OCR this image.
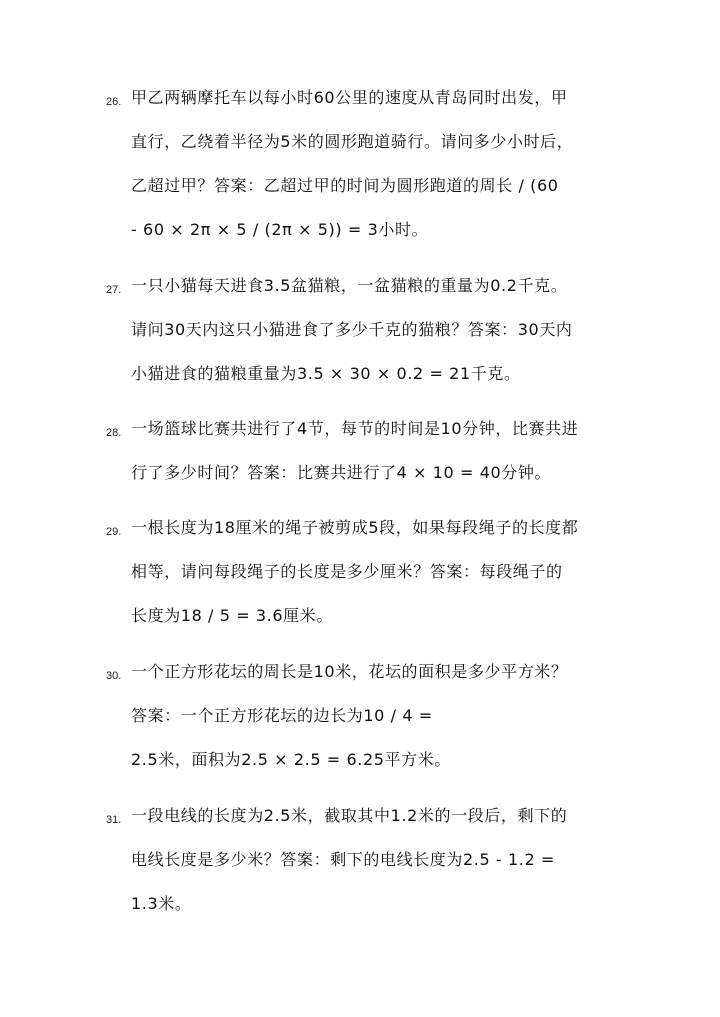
26. 甲乙两辆摩托车以每小时60公里的速度从青岛同时出发，甲
直行，乙绕着半径为5米的圆形跑道骑行。请问多少小时后，
乙超过甲？答案：乙超过甲的时间为圆形跑道的周长 / (60
- 60 × 2π × 5 / (2π × 5)) = 3小时。
27. 一只小猫每天进食3.5盆猫粮，一盆猫粮的重量为0.2千克。
请问30天内这只小猫进食了多少千克的猫粮？答案：30天内
小猫进食的猫粮重量为3.5 × 30 × 0.2 = 21千克。
28. 一场篮球比赛共进行了4节，每节的时间是10分钟，比赛共进
行了多少时间？答案：比赛共进行了4 × 10 = 40分钟。
29. 一根长度为18厘米的绳子被剪成5段，如果每段绳子的长度都
相等，请问每段绳子的长度是多少厘米？答案：每段绳子的
长度为18 / 5 = 3.6厘米。
30. 一个正方形花坛的周长是10米，花坛的面积是多少平方米？
答案：一个正方形花坛的边长为10 / 4 =
2.5米，面积为2.5 × 2.5 = 6.25平方米。
31. 一段电线的长度为2.5米，截取其中1.2米的一段后，剩下的
电线长度是多少米？答案：剩下的电线长度为2.5 - 1.2 =
1.3米。
